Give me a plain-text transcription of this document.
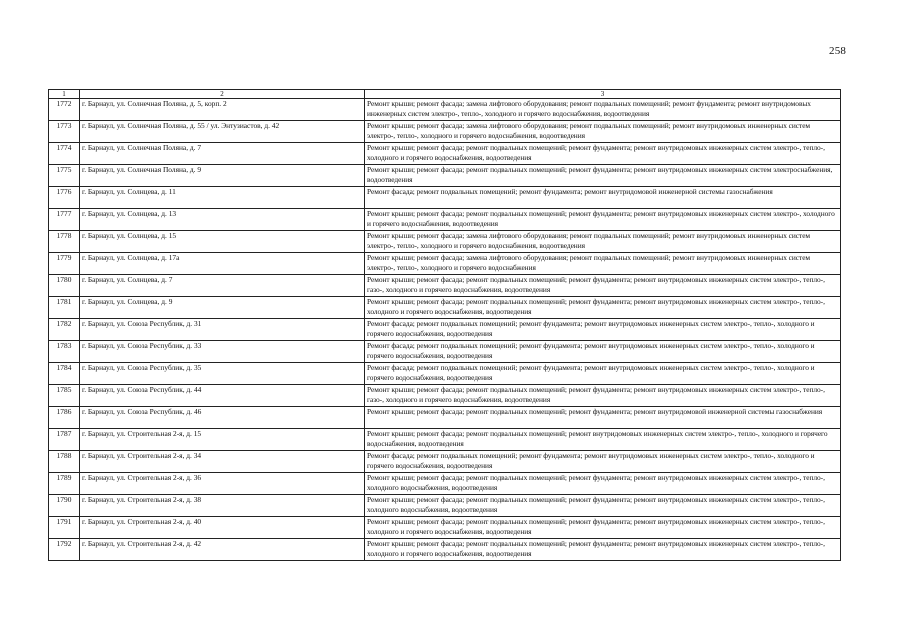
258
1	2	3
1772	г. Барнаул, ул. Солнечная Поляна, д. 5, корп. 2	Ремонт крыши; ремонт фасада; замена лифтового оборудования; ремонт подвальных помещений; ремонт фундамента; ремонт внутридомовых инженерных систем электро-, тепло-, холодного и горячего водоснабжения, водоотведения
1773	г. Барнаул, ул. Солнечная Поляна, д. 55 / ул. Энтузиастов, д. 42	Ремонт крыши; ремонт фасада; замена лифтового оборудования; ремонт подвальных помещений; ремонт внутридомовых инженерных систем электро-, тепло-, холодного и горячего водоснабжения, водоотведения
1774	г. Барнаул, ул. Солнечная Поляна, д. 7	Ремонт крыши; ремонт фасада; ремонт подвальных помещений; ремонт фундамента; ремонт внутридомовых инженерных систем электро-, тепло-, холодного и горячего водоснабжения, водоотведения
1775	г. Барнаул, ул. Солнечная Поляна, д. 9	Ремонт крыши; ремонт фасада; ремонт подвальных помещений; ремонт фундамента; ремонт внутридомовых инженерных систем электроснабжения, водоотведения
1776	г. Барнаул, ул. Солнцева, д. 11	Ремонт фасада; ремонт подвальных помещений; ремонт фундамента; ремонт внутридомовой инженерной системы газоснабжения
1777	г. Барнаул, ул. Солнцева, д. 13	Ремонт крыши; ремонт фасада; ремонт подвальных помещений; ремонт фундамента; ремонт внутридомовых инженерных систем электро-, холодного и горячего водоснабжения, водоотведения
1778	г. Барнаул, ул. Солнцева, д. 15	Ремонт крыши; ремонт фасада; замена лифтового оборудования; ремонт подвальных помещений; ремонт внутридомовых инженерных систем электро-, тепло-, холодного и горячего водоснабжения, водоотведения
1779	г. Барнаул, ул. Солнцева, д. 17а	Ремонт крыши; ремонт фасада; замена лифтового оборудования; ремонт подвальных помещений; ремонт внутридомовых инженерных систем электро-, тепло-, холодного и горячего водоснабжения
1780	г. Барнаул, ул. Солнцева, д. 7	Ремонт крыши; ремонт фасада; ремонт подвальных помещений; ремонт фундамента; ремонт внутридомовых инженерных систем электро-, тепло-, газо-, холодного и горячего водоснабжения, водоотведения
1781	г. Барнаул, ул. Солнцева, д. 9	Ремонт крыши; ремонт фасада; ремонт подвальных помещений; ремонт фундамента; ремонт внутридомовых инженерных систем электро-, тепло-, холодного и горячего водоснабжения, водоотведения
1782	г. Барнаул, ул. Союза Республик, д. 31	Ремонт фасада; ремонт подвальных помещений; ремонт фундамента; ремонт внутридомовых инженерных систем электро-, тепло-, холодного и горячего водоснабжения, водоотведения
1783	г. Барнаул, ул. Союза Республик, д. 33	Ремонт фасада; ремонт подвальных помещений; ремонт фундамента; ремонт внутридомовых инженерных систем электро-, тепло-, холодного и горячего водоснабжения, водоотведения
1784	г. Барнаул, ул. Союза Республик, д. 35	Ремонт фасада; ремонт подвальных помещений; ремонт фундамента; ремонт внутридомовых инженерных систем электро-, тепло-, холодного и горячего водоснабжения, водоотведения
1785	г. Барнаул, ул. Союза Республик, д. 44	Ремонт крыши; ремонт фасада; ремонт подвальных помещений; ремонт фундамента; ремонт внутридомовых инженерных систем электро-, тепло-, газо-, холодного и горячего водоснабжения, водоотведения
1786	г. Барнаул, ул. Союза Республик, д. 46	Ремонт крыши; ремонт фасада; ремонт подвальных помещений; ремонт фундамента; ремонт внутридомовой инженерной системы газоснабжения
1787	г. Барнаул, ул. Строительная 2-я, д. 15	Ремонт крыши; ремонт фасада; ремонт подвальных помещений; ремонт внутридомовых инженерных систем электро-, тепло-, холодного и горячего водоснабжения, водоотведения
1788	г. Барнаул, ул. Строительная 2-я, д. 34	Ремонт фасада; ремонт подвальных помещений; ремонт фундамента; ремонт внутридомовых инженерных систем электро-, тепло-, холодного и горячего водоснабжения, водоотведения
1789	г. Барнаул, ул. Строительная 2-я, д. 36	Ремонт крыши; ремонт фасада; ремонт подвальных помещений; ремонт фундамента; ремонт внутридомовых инженерных систем электро-, тепло-, холодного водоснабжения, водоотведения
1790	г. Барнаул, ул. Строительная 2-я, д. 38	Ремонт крыши; ремонт фасада; ремонт подвальных помещений; ремонт фундамента; ремонт внутридомовых инженерных систем электро-, тепло-, холодного водоснабжения, водоотведения
1791	г. Барнаул, ул. Строительная 2-я, д. 40	Ремонт крыши; ремонт фасада; ремонт подвальных помещений; ремонт фундамента; ремонт внутридомовых инженерных систем электро-, тепло-, холодного и горячего водоснабжения, водоотведения
1792	г. Барнаул, ул. Строительная 2-я, д. 42	Ремонт крыши; ремонт фасада; ремонт подвальных помещений; ремонт фундамента; ремонт внутридомовых инженерных систем электро-, тепло-, холодного и горячего водоснабжения, водоотведения
